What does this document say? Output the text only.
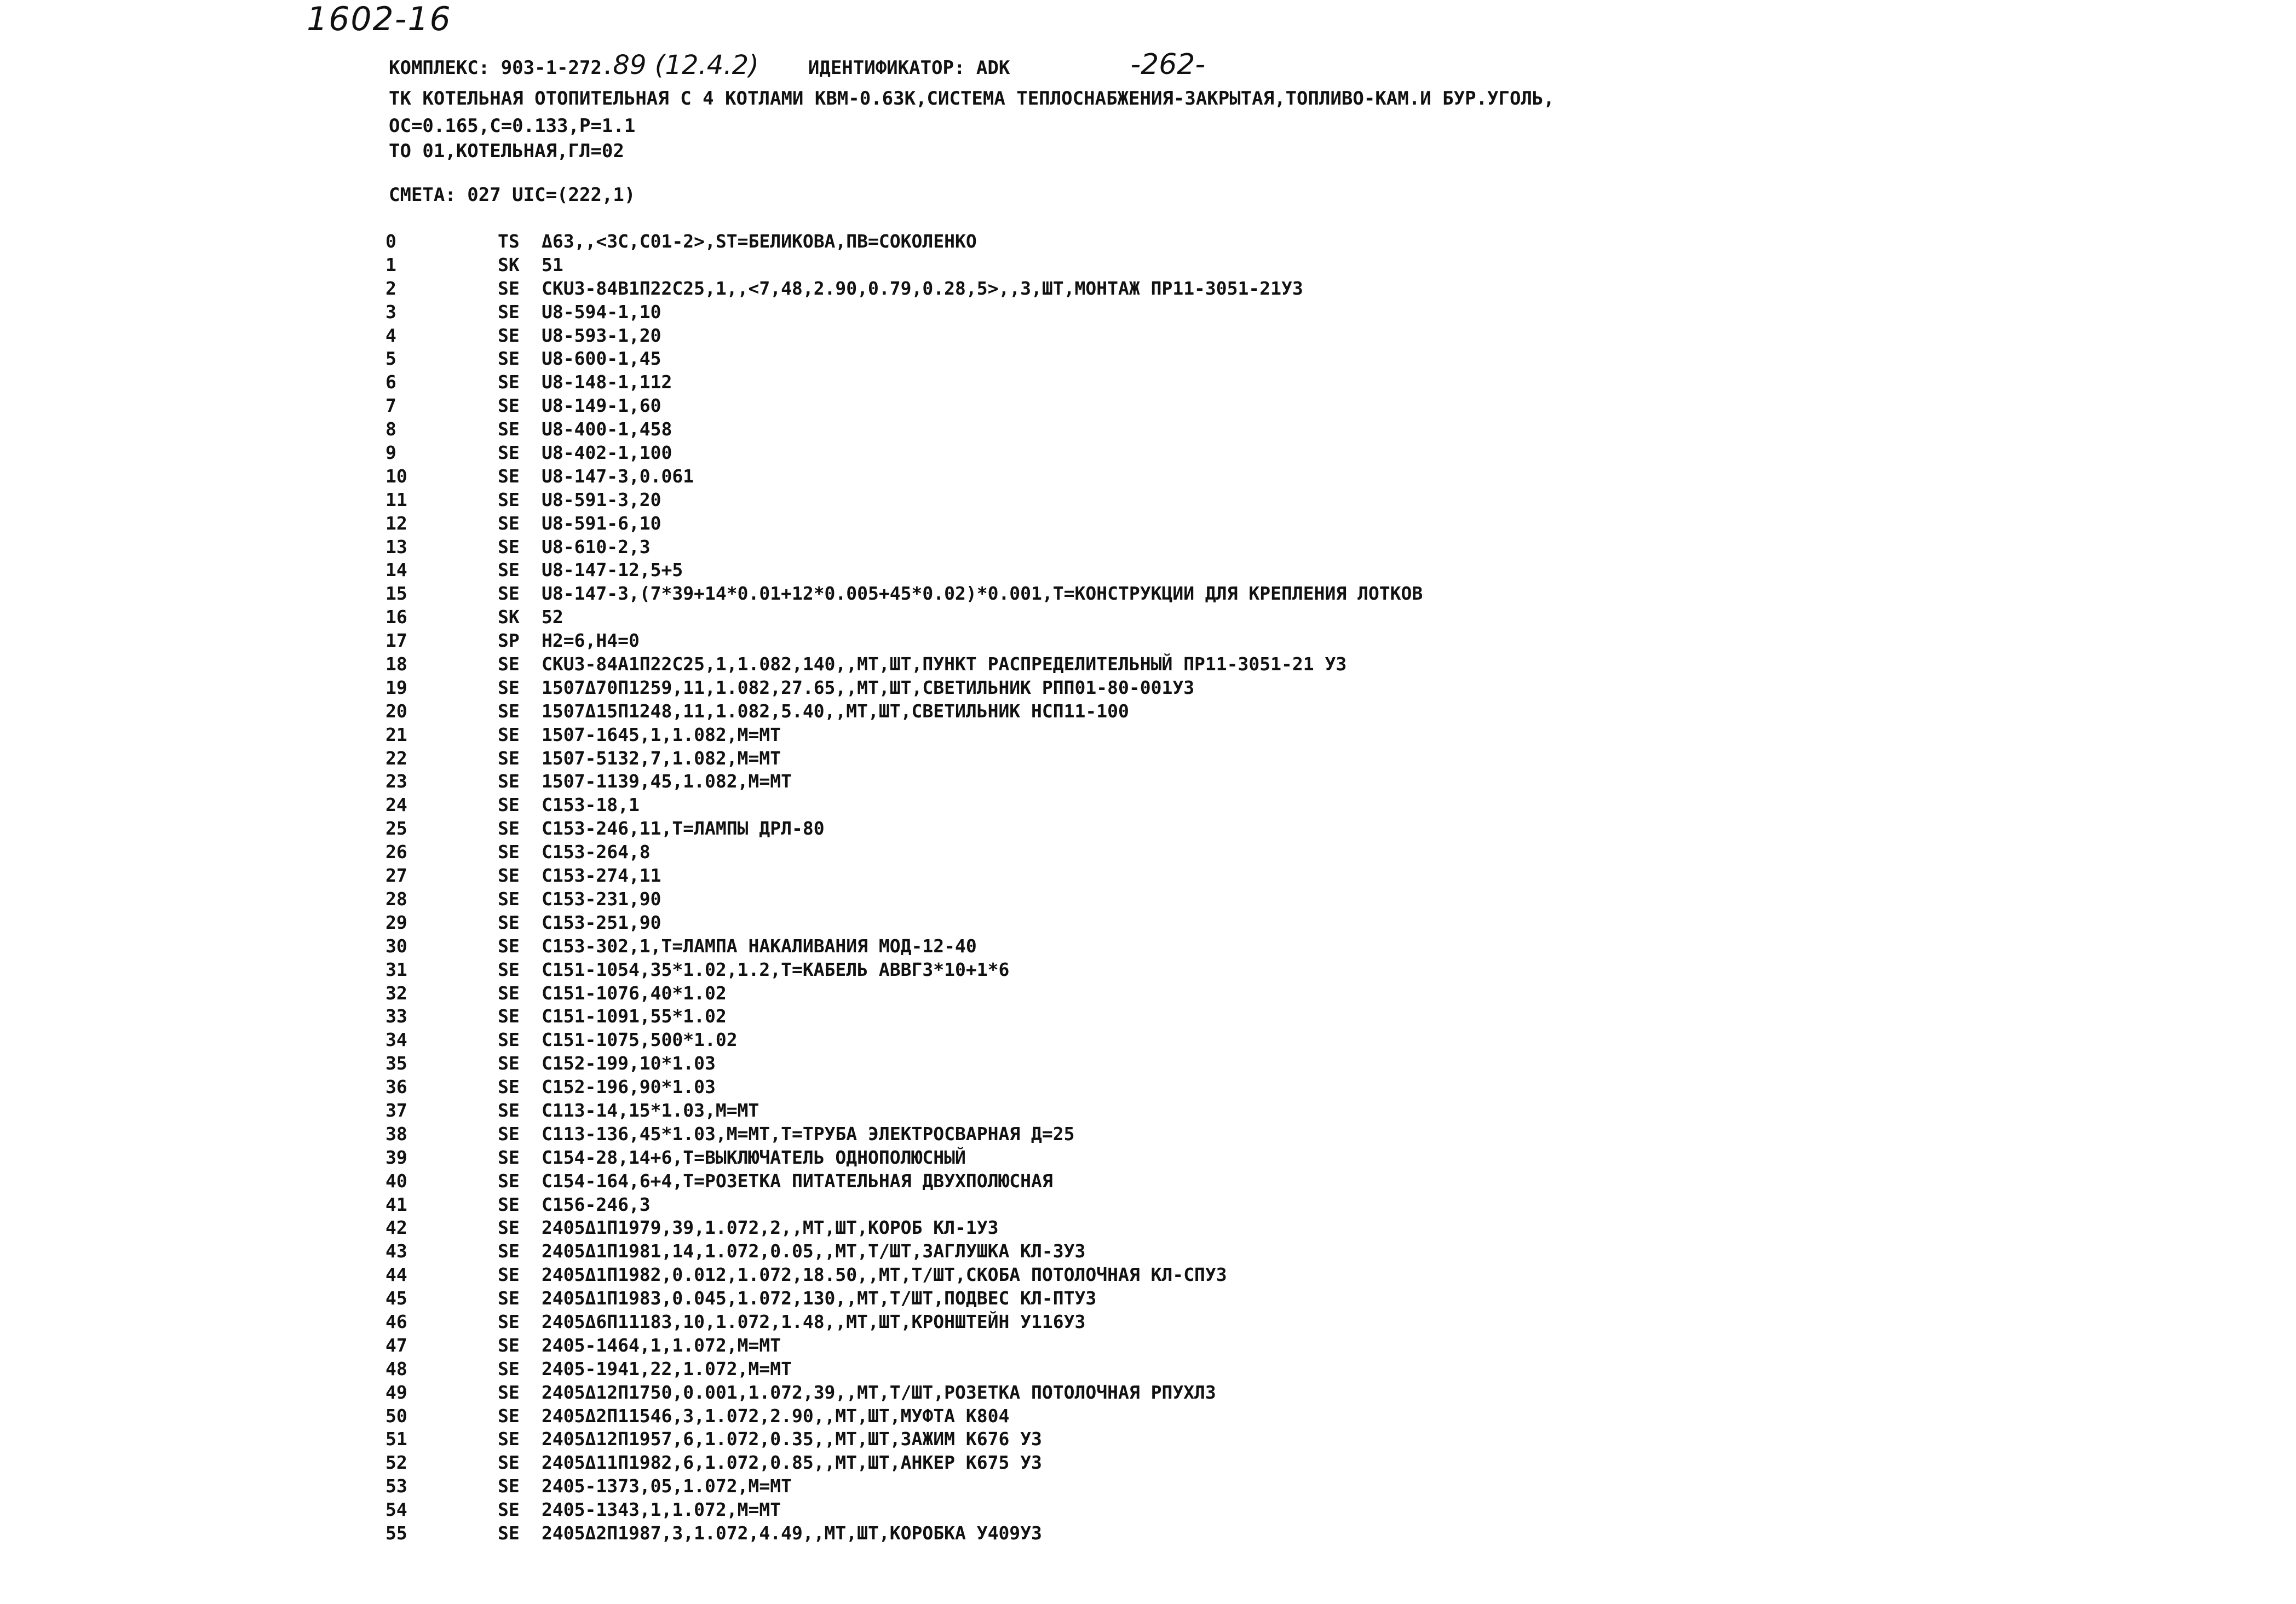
1602-16
КОМПЛЕКС: 903-1-272.89 (12.4.2)	ИДЕНТИФИКАТОР: ADK	-262-
ТК КОТЕЛЬНАЯ ОТОПИТЕЛЬНАЯ С 4 КОТЛАМИ КВМ-0.63К,СИСТЕМА ТЕПЛОСНАБЖЕНИЯ-ЗАКРЫТАЯ,ТОПЛИВО-КАМ.И БУР.УГОЛЬ,
ОС=0.165,С=0.133,Р=1.1
ТО 01,КОТЕЛЬНАЯ,ГЛ=02
СМЕТА: 027 UIC=(222,1)
0	TS	Δ63,,<3С,С01-2>,ST=БЕЛИКОВА,ПВ=СОКОЛЕНКО
1	SK	51
2	SE	СКU3-84B1П22С25,1,,<7,48,2.90,0.79,0.28,5>,,3,ШТ,МОНТАЖ ПР11-3051-21У3
3	SE	U8-594-1,10
4	SE	U8-593-1,20
5	SE	U8-600-1,45
6	SE	U8-148-1,112
7	SE	U8-149-1,60
8	SE	U8-400-1,458
9	SE	U8-402-1,100
10	SE	U8-147-3,0.061
11	SE	U8-591-3,20
12	SE	U8-591-6,10
13	SE	U8-610-2,3
14	SE	U8-147-12,5+5
15	SE	U8-147-3,(7*39+14*0.01+12*0.005+45*0.02)*0.001,T=КОНСТРУКЦИИ ДЛЯ КРЕПЛЕНИЯ ЛОТКОВ
16	SK	52
17	SP	H2=6,H4=0
18	SE	СКU3-84A1П22С25,1,1.082,140,,МТ,ШТ,ПУНКТ РАСПРЕДЕЛИТЕЛЬНЫЙ ПР11-3051-21 У3
19	SE	1507Δ70П1259,11,1.082,27.65,,МТ,ШТ,СВЕТИЛЬНИК РПП01-80-001У3
20	SE	1507Δ15П1248,11,1.082,5.40,,МТ,ШТ,СВЕТИЛЬНИК НСП11-100
21	SE	1507-1645,1,1.082,М=МТ
22	SE	1507-5132,7,1.082,М=МТ
23	SE	1507-1139,45,1.082,М=МТ
24	SE	С153-18,1
25	SE	С153-246,11,T=ЛАМПЫ ДРЛ-80
26	SE	С153-264,8
27	SE	С153-274,11
28	SE	С153-231,90
29	SE	С153-251,90
30	SE	С153-302,1,T=ЛАМПА НАКАЛИВАНИЯ МОД-12-40
31	SE	С151-1054,35*1.02,1.2,T=КАБЕЛЬ АВВГ3*10+1*6
32	SE	С151-1076,40*1.02
33	SE	С151-1091,55*1.02
34	SE	С151-1075,500*1.02
35	SE	С152-199,10*1.03
36	SE	С152-196,90*1.03
37	SE	С113-14,15*1.03,М=МТ
38	SE	С113-136,45*1.03,М=МТ,T=ТРУБА ЭЛЕКТРОСВАРНАЯ Д=25
39	SE	С154-28,14+6,T=ВЫКЛЮЧАТЕЛЬ ОДНОПОЛЮСНЫЙ
40	SE	С154-164,6+4,T=РОЗЕТКА ПИТАТЕЛЬНАЯ ДВУХПОЛЮСНАЯ
41	SE	С156-246,3
42	SE	2405Δ1П1979,39,1.072,2,,МТ,ШТ,КОРОБ КЛ-1У3
43	SE	2405Δ1П1981,14,1.072,0.05,,МТ,Т/ШТ,ЗАГЛУШКА КЛ-3У3
44	SE	2405Δ1П1982,0.012,1.072,18.50,,МТ,Т/ШТ,СКОБА ПОТОЛОЧНАЯ КЛ-СПУ3
45	SE	2405Δ1П1983,0.045,1.072,130,,МТ,Т/ШТ,ПОДВЕС КЛ-ПТУ3
46	SE	2405Δ6П11183,10,1.072,1.48,,МТ,ШТ,КРОНШТЕЙН У116У3
47	SE	2405-1464,1,1.072,М=МТ
48	SE	2405-1941,22,1.072,М=МТ
49	SE	2405Δ12П1750,0.001,1.072,39,,МТ,Т/ШТ,РОЗЕТКА ПОТОЛОЧНАЯ РПУХЛ3
50	SE	2405Δ2П11546,3,1.072,2.90,,МТ,ШТ,МУФТА К804
51	SE	2405Δ12П1957,6,1.072,0.35,,МТ,ШТ,ЗАЖИМ К676 У3
52	SE	2405Δ11П1982,6,1.072,0.85,,МТ,ШТ,АНКЕР К675 У3
53	SE	2405-1373,05,1.072,М=МТ
54	SE	2405-1343,1,1.072,М=МТ
55	SE	2405Δ2П1987,3,1.072,4.49,,МТ,ШТ,КОРОБКА У409У3
